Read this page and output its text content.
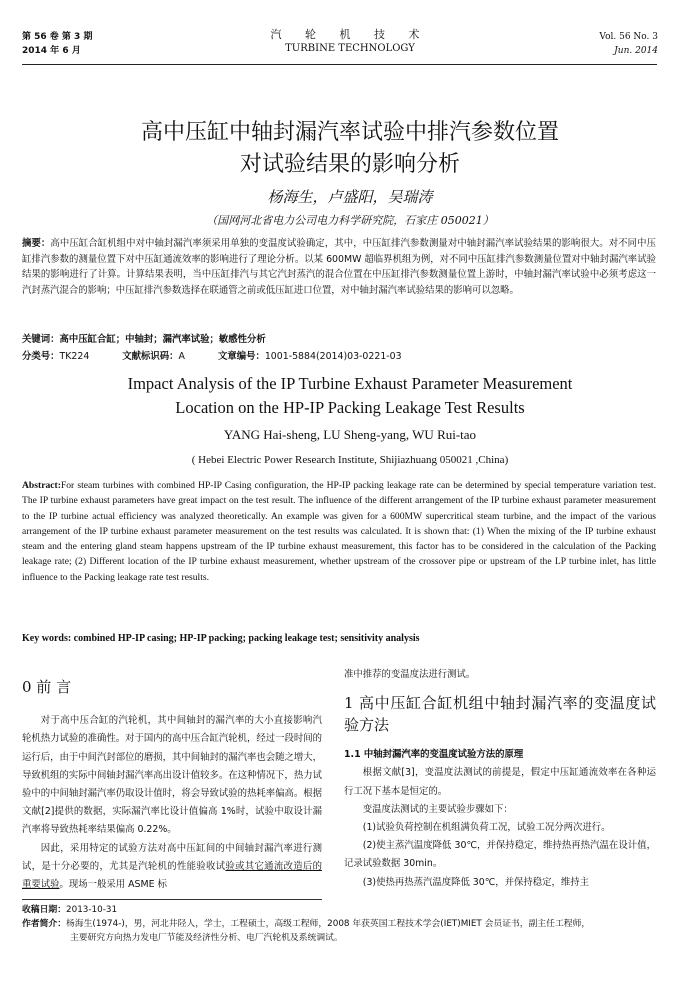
第 56 卷 第 3 期
2014 年 6 月
汽 轮 机 技 术
TURBINE TECHNOLOGY
Vol. 56 No. 3
Jun. 2014
高中压缸中轴封漏汽率试验中排汽参数位置
对试验结果的影响分析
杨海生，卢盛阳，吴瑞涛
（国网河北省电力公司电力科学研究院，石家庄 050021）
摘要：高中压缸合缸机组中对中轴封漏汽率须采用单独的变温度试验确定，其中，中压缸排汽参数测量对中轴封漏汽率试验结果的影响很大。对不同中压缸排汽参数的测量位置下对中压缸通流效率的影响进行了理论分析。以某 600MW 超临界机组为例，对不同中压缸排汽参数测量位置对中轴封漏汽率试验结果的影响进行了计算。计算结果表明，当中压缸排汽与其它汽封蒸汽的混合位置在中压缸排汽参数测量位置上游时，中轴封漏汽率试验中必须考虑这一汽封蒸汽混合的影响；中压缸排汽参数选择在联通管之前或低压缸进口位置，对中轴封漏汽率试验结果的影响可以忽略。
关键词：高中压缸合缸；中轴封；漏汽率试验；敏感性分析
分类号：TK224	文献标识码：A	文章编号：1001-5884(2014)03-0221-03
Impact Analysis of the IP Turbine Exhaust Parameter Measurement
Location on the HP-IP Packing Leakage Test Results
YANG Hai-sheng, LU Sheng-yang, WU Rui-tao
( Hebei Electric Power Research Institute, Shijiazhuang 050021 ,China)
Abstract:For steam turbines with combined HP-IP Casing configuration, the HP-IP packing leakage rate can be determined by special temperature variation test. The IP turbine exhaust parameters have great impact on the test result. The influence of the different arrangement of the IP turbine exhaust parameter measurement to the IP turbine actual efficiency was analyzed theoretically. An example was given for a 600MW supercritical steam turbine, and the impact of the various arrangement of the IP turbine exhaust parameter measurement on the test results was calculated. It is shown that: (1) When the mixing of the IP turbine exhaust steam and the entering gland steam happens upstream of the IP turbine exhaust measurement, this factor has to be considered in the calculation of the Packing leakage rate; (2) Different location of the IP turbine exhaust measurement, whether upstream of the crossover pipe or upstream of the LP turbine inlet, has little influence to the Packing leakage rate test results.
Key words: combined HP-IP casing; HP-IP packing; packing leakage test; sensitivity analysis
0 前 言

对于高中压合缸的汽轮机，其中间轴封的漏汽率的大小直接影响汽轮机热力试验的准确性。对于国内的高中压合缸汽轮机，经过一段时间的运行后，由于中间汽封部位的磨损，其中间轴封的漏汽率也会随之增大，导致机组的实际中间轴封漏汽率高出设计值较多。在这种情况下，热力试验中的中间轴封漏汽率仍取设计值时，将会导致试验的热耗率偏高。根据文献[2]提供的数据，实际漏汽率比设计值偏高 1%时，试验中取设计漏汽率将导致热耗率结果偏高 0.22%。

因此，采用特定的试验方法对高中压缸间的中间轴封漏汽率进行测试，是十分必要的，尤其是汽轮机的性能验收试验或其它通流改造后的重要试验。现场一般采用 ASME 标

准中推荐的变温度法进行测试。

1 高中压缸合缸机组中轴封漏汽率的变温度试验方法

1.1 中轴封漏汽率的变温度试验方法的原理

根据文献[3]，变温度法测试的前提是，假定中压缸通流效率在各种运行工况下基本是恒定的。

变温度法测试的主要试验步骤如下：

(1)试验负荷控制在机组满负荷工况，试验工况分两次进行。

(2)使主蒸汽温度降低 30℃，并保持稳定，维持热再热汽温在设计值，记录试验数据 30min。

(3)使热再热蒸汽温度降低 30℃，并保持稳定，维持主

收稿日期：2013-10-31
作者简介：杨海生(1974-)，男，河北井陉人，学士，工程硕士，高级工程师，2008 年获英国工程技术学会(IET)MIET 会员证书，副主任工程师，
主要研究方向热力发电厂节能及经济性分析、电厂汽轮机及系统调试。
